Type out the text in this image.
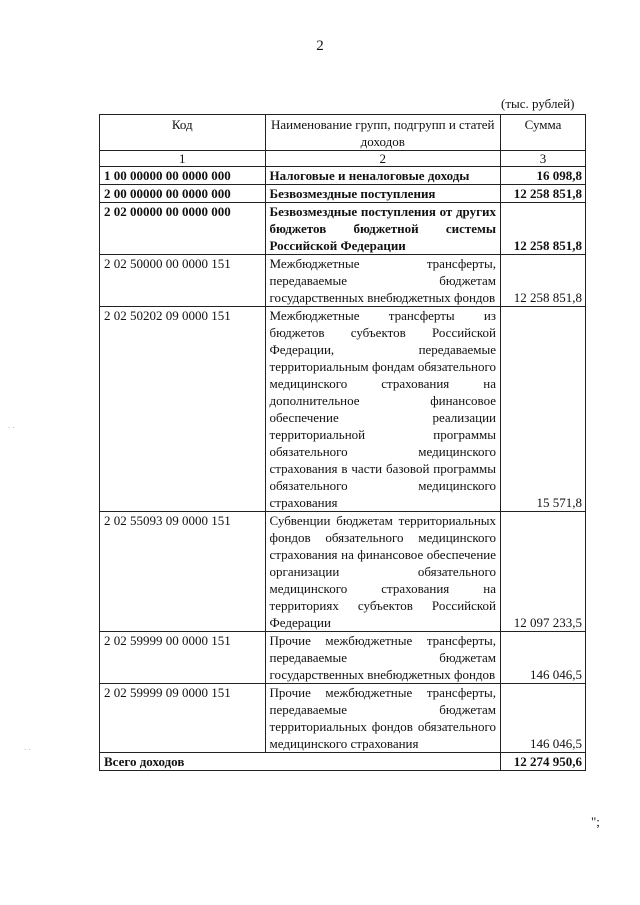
2
(тыс. рублей)
Код	Наименование групп, подгрупп и статей доходов	Сумма
1	2	3
1 00 00000 00 0000 000	Налоговые и неналоговые доходы	16 098,8
2 00 00000 00 0000 000	Безвозмездные поступления	12 258 851,8
2 02 00000 00 0000 000	Безвозмездные поступления от других бюджетов бюджетной системы Российской Федерации	12 258 851,8
2 02 50000 00 0000 151	Межбюджетные трансферты, передаваемые бюджетам государственных внебюджетных фондов	12 258 851,8
2 02 50202 09 0000 151	Межбюджетные трансферты из бюджетов субъектов Российской Федерации, передаваемые территориальным фондам обязательного медицинского страхования на дополнительное финансовое обеспечение реализации территориальной программы обязательного медицинского страхования в части базовой программы обязательного медицинского страхования	15 571,8
2 02 55093 09 0000 151	Субвенции бюджетам территориальных фондов обязательного медицинского страхования на финансовое обеспечение организации обязательного медицинского страхования на территориях субъектов Российской Федерации	12 097 233,5
2 02 59999 00 0000 151	Прочие межбюджетные трансферты, передаваемые бюджетам государственных внебюджетных фондов	146 046,5
2 02 59999 09 0000 151	Прочие межбюджетные трансферты, передаваемые бюджетам территориальных фондов обязательного медицинского страхования	146 046,5
Всего доходов		12 274 950,6
";
. .
. .
